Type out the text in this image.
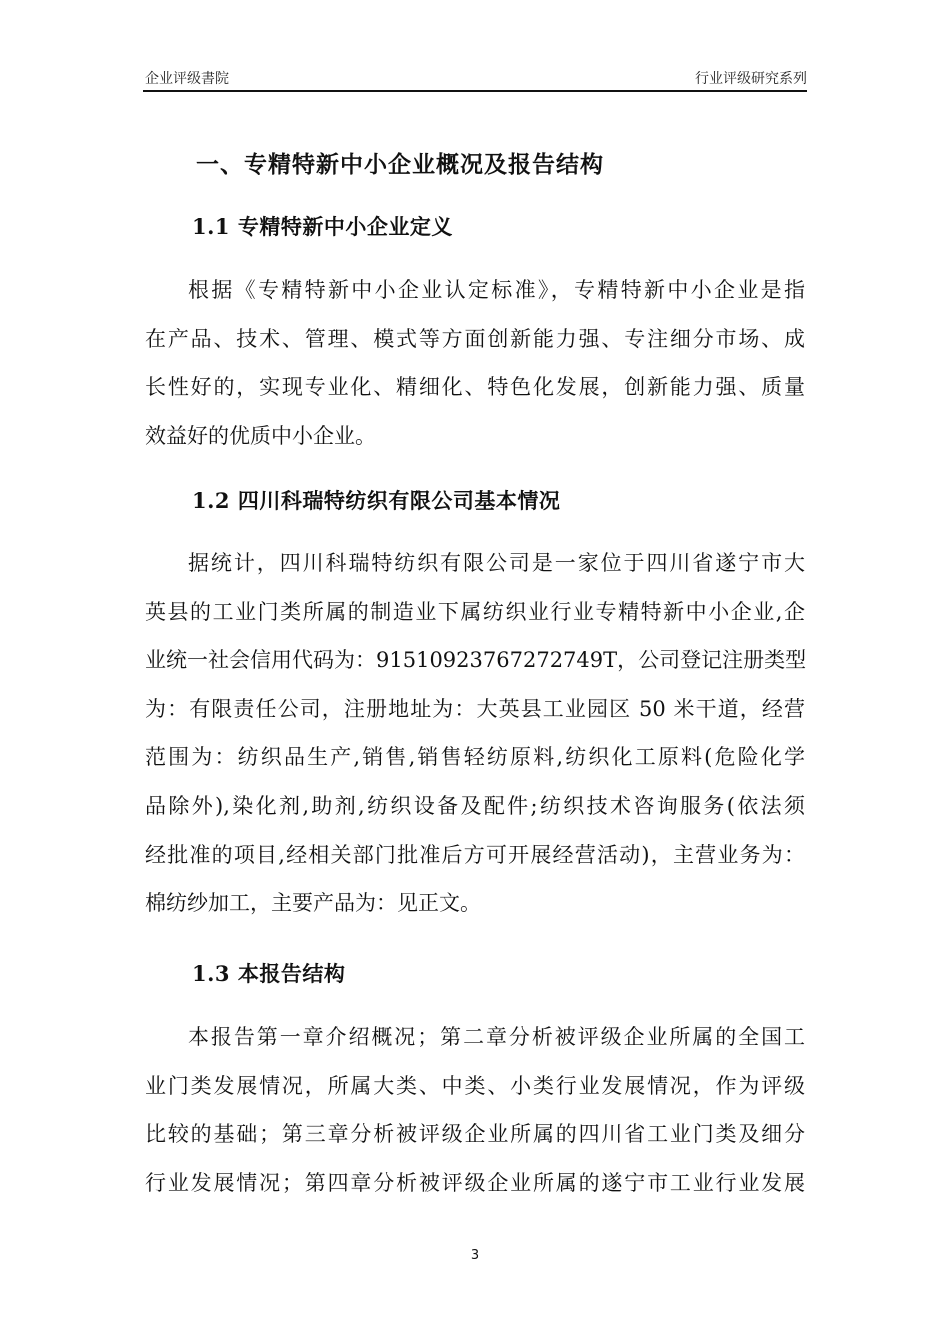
企业评级書院	行业评级研究系列
一、专精特新中小企业概况及报告结构
1.1 专精特新中小企业定义
根据《专精特新中小企业认定标准》，专精特新中小企业是指
在产品、技术、管理、模式等方面创新能力强、专注细分市场、成
长性好的，实现专业化、精细化、特色化发展，创新能力强、质量
效益好的优质中小企业。
1.2 四川科瑞特纺织有限公司基本情况
据统计，四川科瑞特纺织有限公司是一家位于四川省遂宁市大
英县的工业门类所属的制造业下属纺织业行业专精特新中小企业,企
业统一社会信用代码为：91510923767272749T，公司登记注册类型
为：有限责任公司，注册地址为：大英县工业园区 50 米干道，经营
范围为：纺织品生产,销售,销售轻纺原料,纺织化工原料(危险化学
品除外),染化剂,助剂,纺织设备及配件;纺织技术咨询服务(依法须
经批准的项目,经相关部门批准后方可开展经营活动)，主营业务为：
棉纺纱加工，主要产品为：见正文。
1.3 本报告结构
本报告第一章介绍概况；第二章分析被评级企业所属的全国工
业门类发展情况，所属大类、中类、小类行业发展情况，作为评级
比较的基础；第三章分析被评级企业所属的四川省工业门类及细分
行业发展情况；第四章分析被评级企业所属的遂宁市工业行业发展
3
